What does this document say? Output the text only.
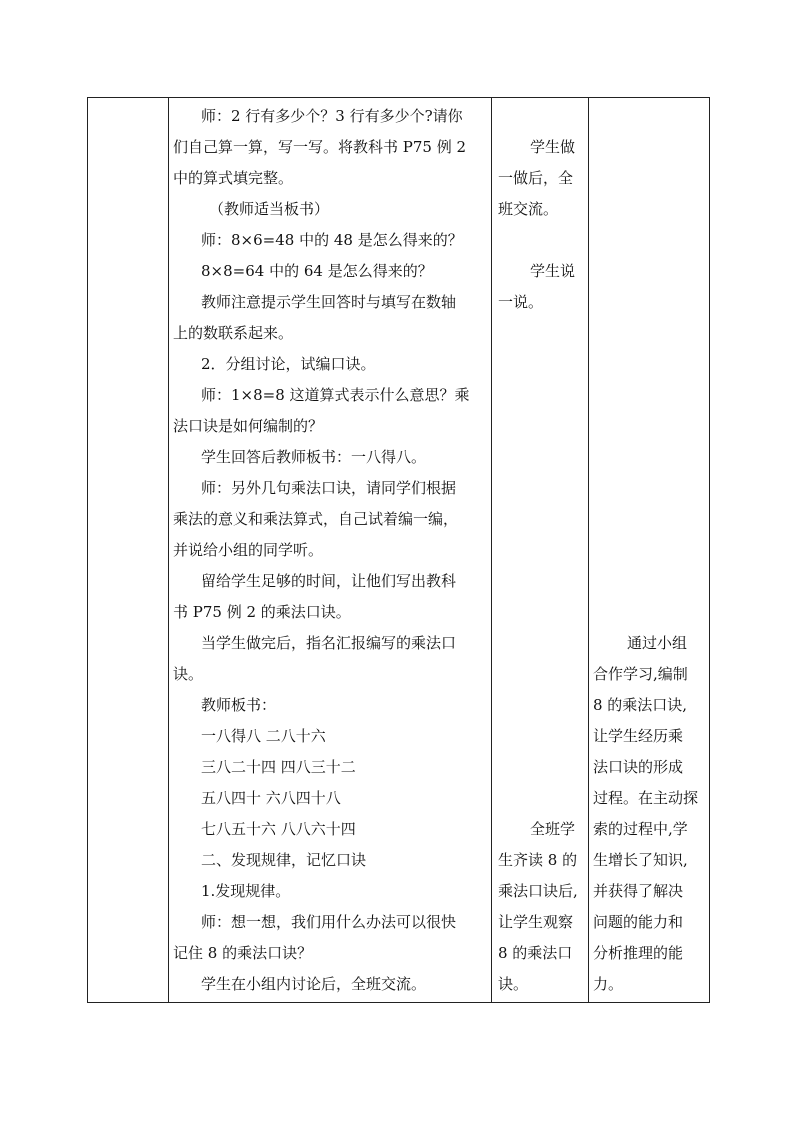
师：2 行有多少个？3 行有多少个?请你
们自己算一算，写一写。将教科书 P75 例 2
中的算式填完整。
（教师适当板书）
师：8×6=48 中的 48 是怎么得来的？
8×8=64 中的 64 是怎么得来的？
教师注意提示学生回答时与填写在数轴
上的数联系起来。
2．分组讨论，试编口诀。
师：1×8=8 这道算式表示什么意思？乘
法口诀是如何编制的？
学生回答后教师板书：一八得八。
师：另外几句乘法口诀，请同学们根据
乘法的意义和乘法算式，自己试着编一编，
并说给小组的同学听。
留给学生足够的时间，让他们写出教科
书 P75 例 2 的乘法口诀。
当学生做完后，指名汇报编写的乘法口
诀。
教师板书：
一八得八 二八十六
三八二十四 四八三十二
五八四十 六八四十八
七八五十六 八八六十四
二、发现规律，记忆口诀
1.发现规律。
师：想一想，我们用什么办法可以很快
记住 8 的乘法口诀？
学生在小组内讨论后，全班交流。

学生做
一做后，全
班交流。
学生说
一说。
全班学
生齐读 8 的
乘法口诀后,
让学生观察
8 的乘法口
诀。

通过小组
合作学习,编制
8 的乘法口诀,
让学生经历乘
法口诀的形成
过程。在主动探
索的过程中,学
生增长了知识,
并获得了解决
问题的能力和
分析推理的能
力。
